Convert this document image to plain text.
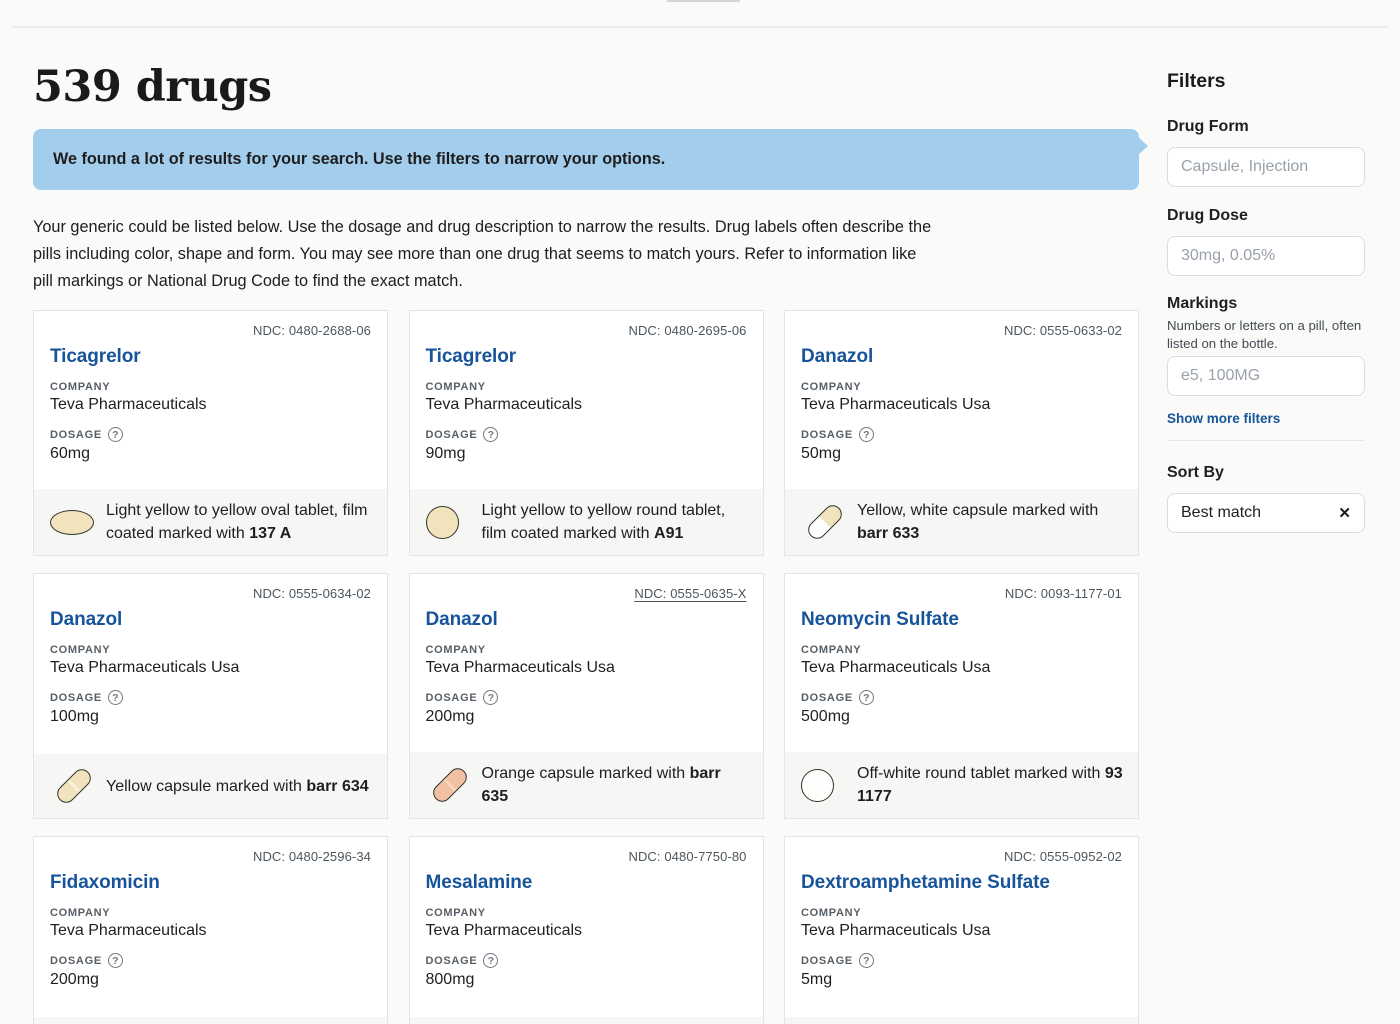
539 drugs
We found a lot of results for your search. Use the filters to narrow your options.
Your generic could be listed below. Use the dosage and drug description to narrow the results. Drug labels often describe the
pills including color, shape and form. You may see more than one drug that seems to match yours. Refer to information like
pill markings or National Drug Code to find the exact match.
NDC: 0480-2688-06
Ticagrelor
COMPANY
Teva Pharmaceuticals
DOSAGE ?
60mg

Light yellow to yellow oval tablet, film coated marked with 137 A

NDC: 0480-2695-06
Ticagrelor
COMPANY
Teva Pharmaceuticals
DOSAGE ?
90mg

Light yellow to yellow round tablet, film coated marked with A91

NDC: 0555-0633-02
Danazol
COMPANY
Teva Pharmaceuticals Usa
DOSAGE ?
50mg

Yellow, white capsule marked with barr 633

NDC: 0555-0634-02
Danazol
COMPANY
Teva Pharmaceuticals Usa
DOSAGE ?
100mg

Yellow capsule marked with barr 634

NDC: 0555-0635-X
Danazol
COMPANY
Teva Pharmaceuticals Usa
DOSAGE ?
200mg

Orange capsule marked with barr 635

NDC: 0093-1177-01
Neomycin Sulfate
COMPANY
Teva Pharmaceuticals Usa
DOSAGE ?
500mg

Off-white round tablet marked with 93 1177

NDC: 0480-2596-34
Fidaxomicin
COMPANY
Teva Pharmaceuticals
DOSAGE ?
200mg

NDC: 0480-7750-80
Mesalamine
COMPANY
Teva Pharmaceuticals
DOSAGE ?
800mg

NDC: 0555-0952-02
Dextroamphetamine Sulfate
COMPANY
Teva Pharmaceuticals Usa
DOSAGE ?
5mg

Filters
Drug Form
Capsule, Injection
Drug Dose
30mg, 0.05%
Markings

Numbers or letters on a pill, often listed on the bottle.

e5, 100MG Show more filters
Sort By
Best match	✕
